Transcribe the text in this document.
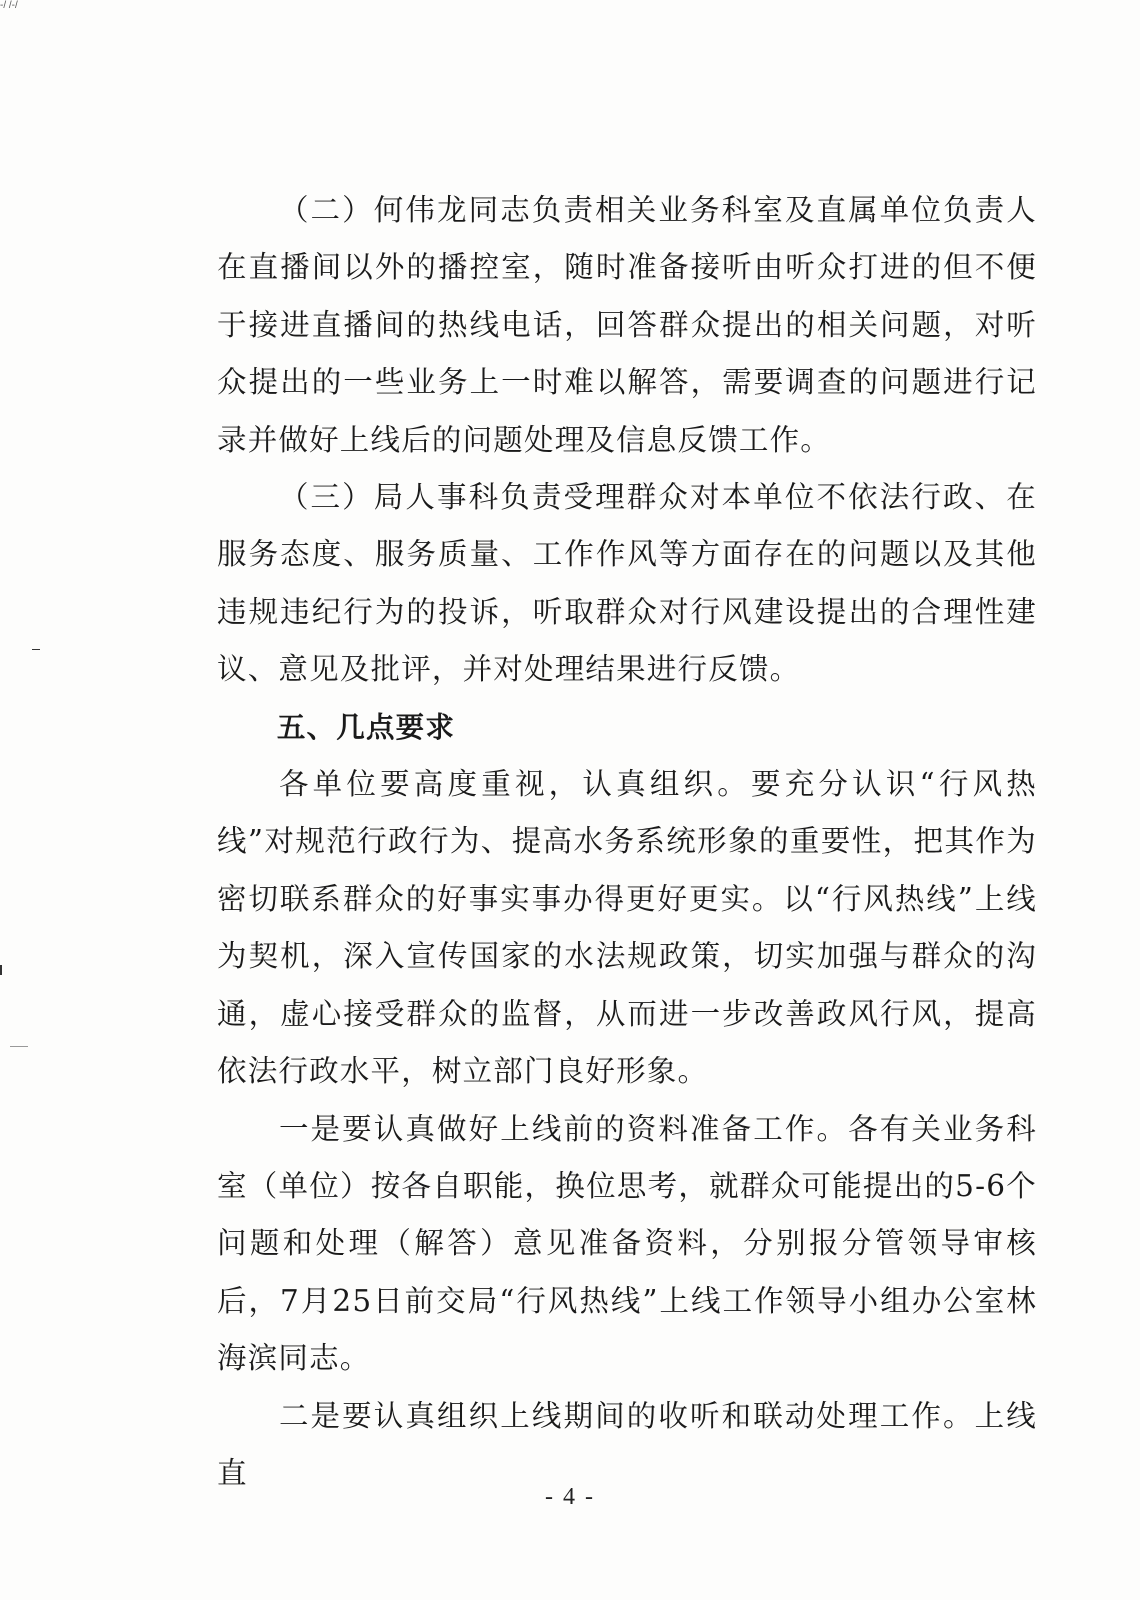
-/ /-/

（二）何伟龙同志负责相关业务科室及直属单位负责人在直播间以外的播控室，随时准备接听由听众打进的但不便于接进直播间的热线电话，回答群众提出的相关问题，对听众提出的一些业务上一时难以解答，需要调查的问题进行记录并做好上线后的问题处理及信息反馈工作。

（三）局人事科负责受理群众对本单位不依法行政、在服务态度、服务质量、工作作风等方面存在的问题以及其他违规违纪行为的投诉，听取群众对行风建设提出的合理性建议、意见及批评，并对处理结果进行反馈。

五、几点要求

各单位要高度重视，认真组织。要充分认识“行风热线”对规范行政行为、提高水务系统形象的重要性，把其作为密切联系群众的好事实事办得更好更实。以“行风热线”上线为契机，深入宣传国家的水法规政策，切实加强与群众的沟通，虚心接受群众的监督，从而进一步改善政风行风，提高依法行政水平，树立部门良好形象。

一是要认真做好上线前的资料准备工作。各有关业务科室（单位）按各自职能，换位思考，就群众可能提出的5-6个问题和处理（解答）意见准备资料，分别报分管领导审核后，7月25日前交局“行风热线”上线工作领导小组办公室林海滨同志。

二是要认真组织上线期间的收听和联动处理工作。上线直

- 4 -
